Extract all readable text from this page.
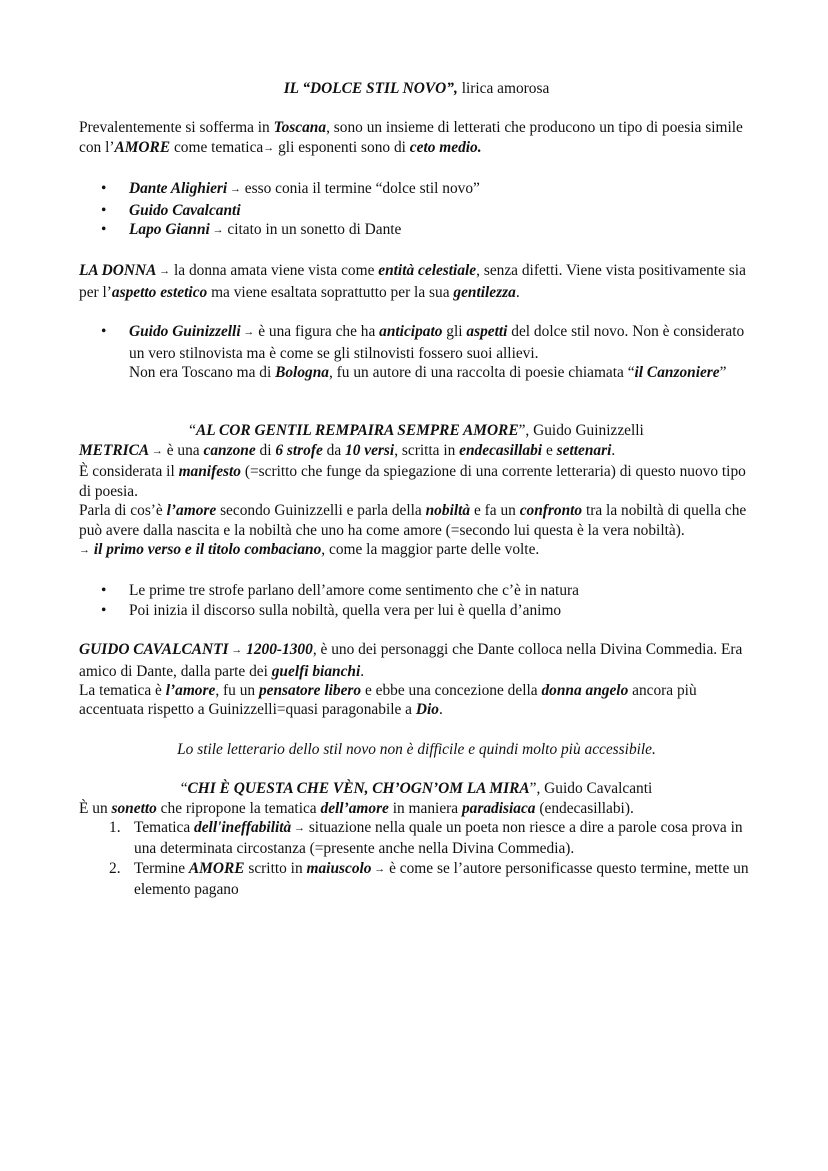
IL “DOLCE STIL NOVO”, lirica amorosa

Prevalentemente si sofferma in Toscana, sono un insieme di letterati che producono un tipo di poesia simile con l’AMORE come tematica→ gli esponenti sono di ceto medio.

• Dante Alighieri → esso conia il termine “dolce stil novo”
• Guido Cavalcanti
• Lapo Gianni → citato in un sonetto di Dante

LA DONNA → la donna amata viene vista come entità celestiale, senza difetti. Viene vista positivamente sia per l’aspetto estetico ma viene esaltata soprattutto per la sua gentilezza.

• Guido Guinizzelli → è una figura che ha anticipato gli aspetti del dolce stil novo. Non è considerato un vero stilnovista ma è come se gli stilnovisti fossero suoi allievi.
Non era Toscano ma di Bologna, fu un autore di una raccolta di poesie chiamata “il Canzoniere”

“AL COR GENTIL REMPAIRA SEMPRE AMORE”, Guido Guinizzelli

METRICA → è una canzone di 6 strofe da 10 versi, scritta in endecasillabi e settenari.

È considerata il manifesto (=scritto che funge da spiegazione di una corrente letteraria) di questo nuovo tipo di poesia.

Parla di cos’è l’amore secondo Guinizzelli e parla della nobiltà e fa un confronto tra la nobiltà di quella che può avere dalla nascita e la nobiltà che uno ha come amore (=secondo lui questa è la vera nobiltà).

→ il primo verso e il titolo combaciano, come la maggior parte delle volte.

• Le prime tre strofe parlano dell’amore come sentimento che c’è in natura
• Poi inizia il discorso sulla nobiltà, quella vera per lui è quella d’animo

GUIDO CAVALCANTI → 1200-1300, è uno dei personaggi che Dante colloca nella Divina Commedia. Era amico di Dante, dalla parte dei guelfi bianchi.
La tematica è l’amore, fu un pensatore libero e ebbe una concezione della donna angelo ancora più accentuata rispetto a Guinizzelli=quasi paragonabile a Dio.

Lo stile letterario dello stil novo non è difficile e quindi molto più accessibile.

“CHI È QUESTA CHE VÈN, CH’OGN’OM LA MIRA”, Guido Cavalcanti

È un sonetto che ripropone la tematica dell’amore in maniera paradisiaca (endecasillabi).

1. Tematica dell'ineffabilità → situazione nella quale un poeta non riesce a dire a parole cosa prova in una determinata circostanza (=presente anche nella Divina Commedia).
2. Termine AMORE scritto in maiuscolo → è come se l’autore personificasse questo termine, mette un elemento pagano
